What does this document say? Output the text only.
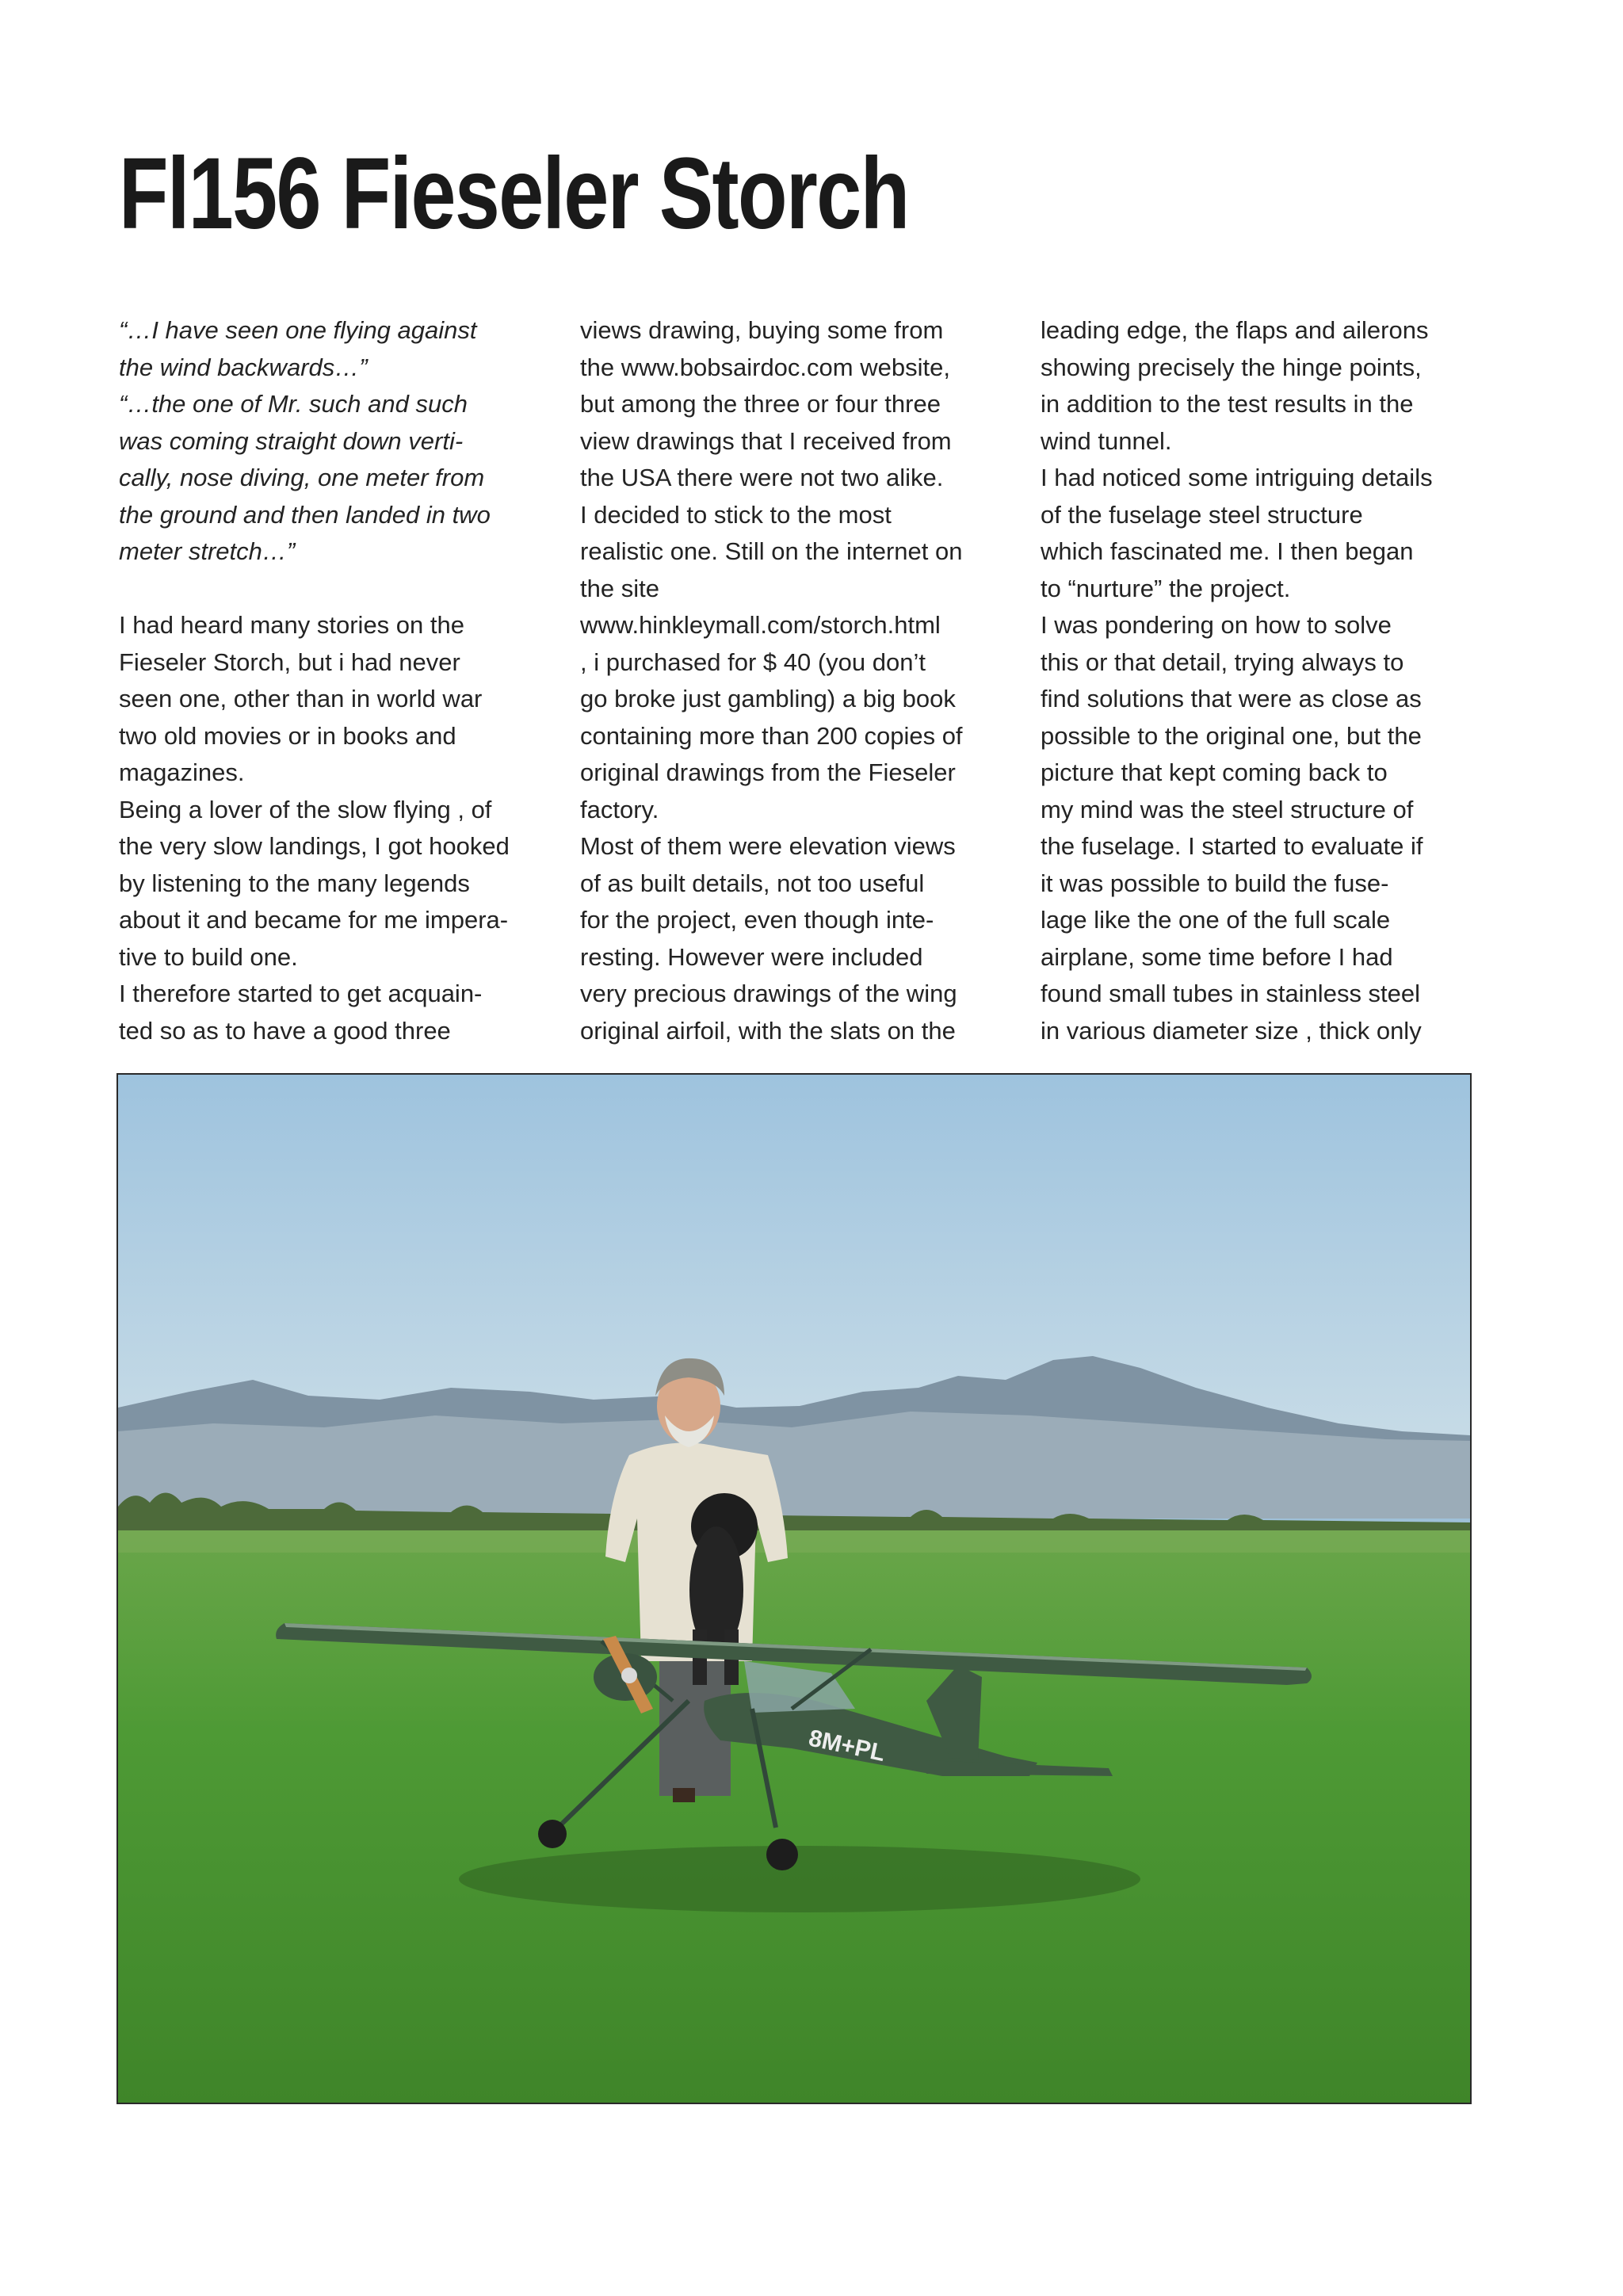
Fl156 Fieseler Storch
“…I have seen one flying against
the wind backwards…”
“…the one of Mr. such and such
was coming straight down verti-
cally, nose diving, one meter from
the ground and then landed in two
meter stretch…”
I had heard many stories on the
Fieseler Storch, but i had never
seen one, other than in world war
two old movies or in books and
magazines.
Being a lover of the slow flying , of
the very slow landings, I got hooked
by listening to the many legends
about it and became for me impera-
tive to build one.
I therefore started to get acquain-
ted so as to have a good three
views drawing, buying some from
the www.bobsairdoc.com website,
but among the three or four three
view drawings that I received from
the USA there were not two alike.
I decided to stick to the most
realistic one. Still on the internet on
the site
www.hinkleymall.com/storch.html
, i purchased for $ 40 (you don’t
go broke just gambling) a big book
containing more than 200 copies of
original drawings from the Fieseler
factory.
Most of them were elevation views
of as built details, not too useful
for the project, even though inte-
resting. However were included
very precious drawings of the wing
original airfoil, with the slats on the
leading edge, the flaps and ailerons
showing precisely the hinge points,
in addition to the test results in the
wind tunnel.
I had noticed some intriguing details
of the fuselage steel structure
which fascinated me. I then began
to “nurture” the project.
I was pondering on how to solve
this or that detail, trying always to
find solutions that were as close as
possible to the original one, but the
picture that kept coming back to
my mind was the steel structure of
the fuselage. I started to evaluate if
it was possible to build the fuse-
lage like the one of the full scale
airplane, some time before I had
found small tubes in stainless steel
in various diameter size , thick only
8M+PL
